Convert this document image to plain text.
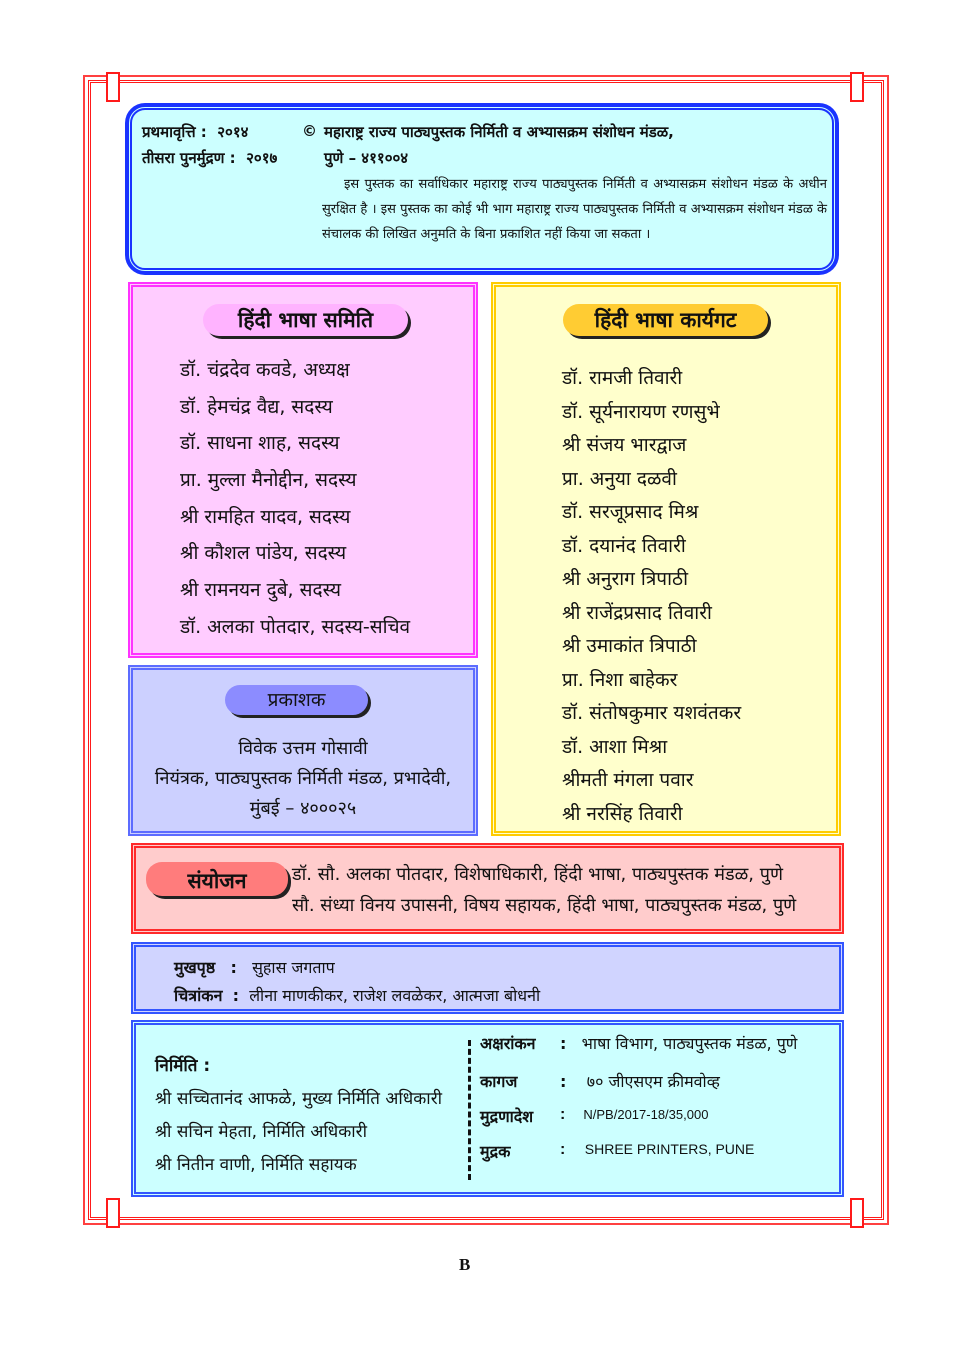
प्रथमावृत्ति : २०१४
तीसरा पुनर्मुद्रण : २०१७
© महाराष्ट्र राज्य पाठ्यपुस्तक निर्मिती व अभ्यासक्रम संशोधन मंडळ,
पुणे – ४११००४
इस पुस्तक का सर्वाधिकार महाराष्ट्र राज्य पाठ्यपुस्तक निर्मिती व अभ्यासक्रम संशोधन मंडळ के अधीन सुरक्षित है । इस पुस्तक का कोई भी भाग महाराष्ट्र राज्य पाठ्यपुस्तक निर्मिती व अभ्यासक्रम संशोधन मंडळ के संचालक की लिखित अनुमति के बिना प्रकाशित नहीं किया जा सकता ।
हिंदी भाषा समिति
डॉ. चंद्रदेव कवडे, अध्यक्ष
डॉ. हेमचंद्र वैद्य, सदस्य
डॉ. साधना शाह, सदस्य
प्रा. मुल्ला मैनोद्दीन, सदस्य
श्री रामहित यादव, सदस्य
श्री कौशल पांडेय, सदस्य
श्री रामनयन दुबे, सदस्य
डॉ. अलका पोतदार, सदस्य-सचिव
हिंदी भाषा कार्यगट
डॉ. रामजी तिवारी
डॉ. सूर्यनारायण रणसुभे
श्री संजय भारद्वाज
प्रा. अनुया दळवी
डॉ. सरजूप्रसाद मिश्र
डॉ. दयानंद तिवारी
श्री अनुराग त्रिपाठी
श्री राजेंद्रप्रसाद तिवारी
श्री उमाकांत त्रिपाठी
प्रा. निशा बाहेकर
डॉ. संतोषकुमार यशवंतकर
डॉ. आशा मिश्रा
श्रीमती मंगला पवार
श्री नरसिंह तिवारी
प्रकाशक
विवेक उत्तम गोसावी
नियंत्रक, पाठ्यपुस्तक निर्मिती मंडळ, प्रभादेवी,
मुंबई – ४०००२५
संयोजन	डॉ. सौ. अलका पोतदार, विशेषाधिकारी, हिंदी भाषा, पाठ्यपुस्तक मंडळ, पुणे
सौ. संध्या विनय उपासनी, विषय सहायक, हिंदी भाषा, पाठ्यपुस्तक मंडळ, पुणे
मुखपृष्ठ : सुहास जगताप
चित्रांकन : लीना माणकीकर, राजेश लवळेकर, आत्मजा बोधनी
निर्मिति :
श्री सच्चितानंद आफळे, मुख्य निर्मिति अधिकारी
श्री सचिन मेहता, निर्मिति अधिकारी
श्री नितीन वाणी, निर्मिति सहायक
अक्षरांकन : भाषा विभाग, पाठ्यपुस्तक मंडळ, पुणे
कागज	: ७० जीएसएम क्रीमवोव्ह
मुद्रणादेश : N/PB/2017-18/35,000
मुद्रक	: SHREE PRINTERS, PUNE
B
